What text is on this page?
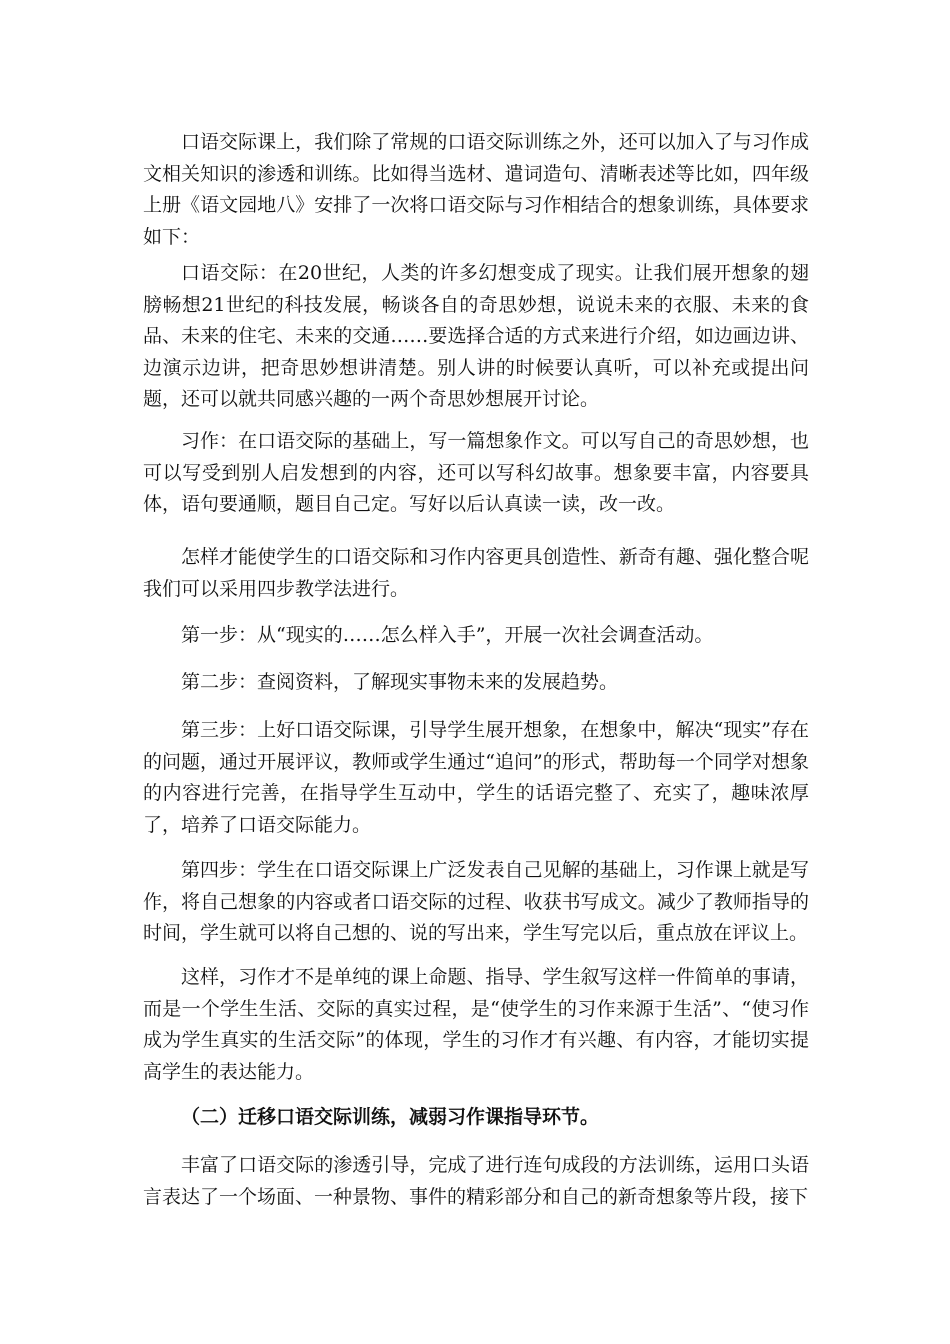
口语交际课上，我们除了常规的口语交际训练之外，还可以加入了与习作成文相关知识的渗透和训练。比如得当选材、遣词造句、清晰表述等比如，四年级上册《语文园地八》安排了一次将口语交际与习作相结合的想象训练，具体要求如下：

口语交际：在20世纪，人类的许多幻想变成了现实。让我们展开想象的翅膀畅想21世纪的科技发展，畅谈各自的奇思妙想，说说未来的衣服、未来的食品、未来的住宅、未来的交通……要选择合适的方式来进行介绍，如边画边讲、边演示边讲，把奇思妙想讲清楚。别人讲的时候要认真听，可以补充或提出问题，还可以就共同感兴趣的一两个奇思妙想展开讨论。

习作：在口语交际的基础上，写一篇想象作文。可以写自己的奇思妙想，也可以写受到别人启发想到的内容，还可以写科幻故事。想象要丰富，内容要具体，语句要通顺，题目自己定。写好以后认真读一读，改一改。

怎样才能使学生的口语交际和习作内容更具创造性、新奇有趣、强化整合呢 我们可以采用四步教学法进行。

第一步：从“现实的……怎么样入手”，开展一次社会调查活动。

第二步：查阅资料，了解现实事物未来的发展趋势。

第三步：上好口语交际课，引导学生展开想象，在想象中，解决“现实”存在的问题，通过开展评议，教师或学生通过“追问”的形式，帮助每一个同学对想象的内容进行完善，在指导学生互动中，学生的话语完整了、充实了，趣味浓厚了，培养了口语交际能力。

第四步：学生在口语交际课上广泛发表自己见解的基础上，习作课上就是写作，将自己想象的内容或者口语交际的过程、收获书写成文。减少了教师指导的时间，学生就可以将自己想的、说的写出来，学生写完以后，重点放在评议上。

这样，习作才不是单纯的课上命题、指导、学生叙写这样一件简单的事请，而是一个学生生活、交际的真实过程，是“使学生的习作来源于生活”、“使习作成为学生真实的生活交际”的体现，学生的习作才有兴趣、有内容，才能切实提高学生的表达能力。

（二）迁移口语交际训练，减弱习作课指导环节。

丰富了口语交际的渗透引导，完成了进行连句成段的方法训练，运用口头语言表达了一个场面、一种景物、事件的精彩部分和自己的新奇想象等片段，接下
